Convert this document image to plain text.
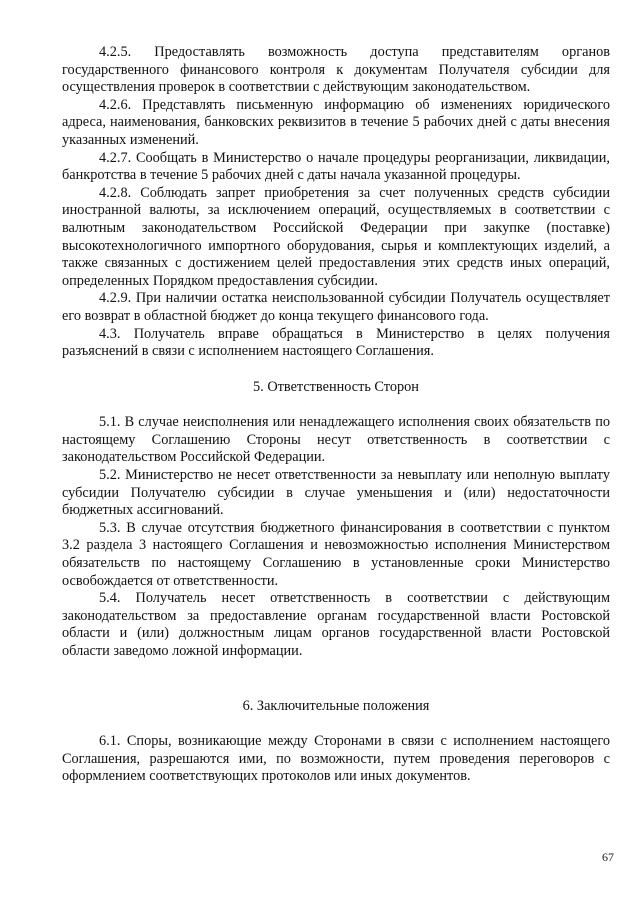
4.2.5. Предоставлять возможность доступа представителям органов государственного финансового контроля к документам Получателя субсидии для осуществления проверок в соответствии с действующим законодательством.

4.2.6. Представлять письменную информацию об изменениях юридического адреса, наименования, банковских реквизитов в течение 5 рабочих дней с даты внесения указанных изменений.

4.2.7. Сообщать в Министерство о начале процедуры реорганизации, ликвидации, банкротства в течение 5 рабочих дней с даты начала указанной процедуры.

4.2.8. Соблюдать запрет приобретения за счет полученных средств субсидии иностранной валюты, за исключением операций, осуществляемых в соответствии с валютным законодательством Российской Федерации при закупке (поставке) высокотехнологичного импортного оборудования, сырья и комплектующих изделий, а также связанных с достижением целей предоставления этих средств иных операций, определенных Порядком предоставления субсидии.

4.2.9. При наличии остатка неиспользованной субсидии Получатель осуществляет его возврат в областной бюджет до конца текущего финансового года.

4.3. Получатель вправе обращаться в Министерство в целях получения разъяснений в связи с исполнением настоящего Соглашения.

5. Ответственность Сторон

5.1. В случае неисполнения или ненадлежащего исполнения своих обязательств по настоящему Соглашению Стороны несут ответственность в соответствии с законодательством Российской Федерации.

5.2. Министерство не несет ответственности за невыплату или неполную выплату субсидии Получателю субсидии в случае уменьшения и (или) недостаточности бюджетных ассигнований.

5.3. В случае отсутствия бюджетного финансирования в соответствии с пунктом 3.2 раздела 3 настоящего Соглашения и невозможностью исполнения Министерством обязательств по настоящему Соглашению в установленные сроки Министерство освобождается от ответственности.

5.4. Получатель несет ответственность в соответствии с действующим законодательством за предоставление органам государственной власти Ростовской области и (или) должностным лицам органов государственной власти Ростовской области заведомо ложной информации.

6. Заключительные положения

6.1. Споры, возникающие между Сторонами в связи с исполнением настоящего Соглашения, разрешаются ими, по возможности, путем проведения переговоров с оформлением соответствующих протоколов или иных документов.

67
